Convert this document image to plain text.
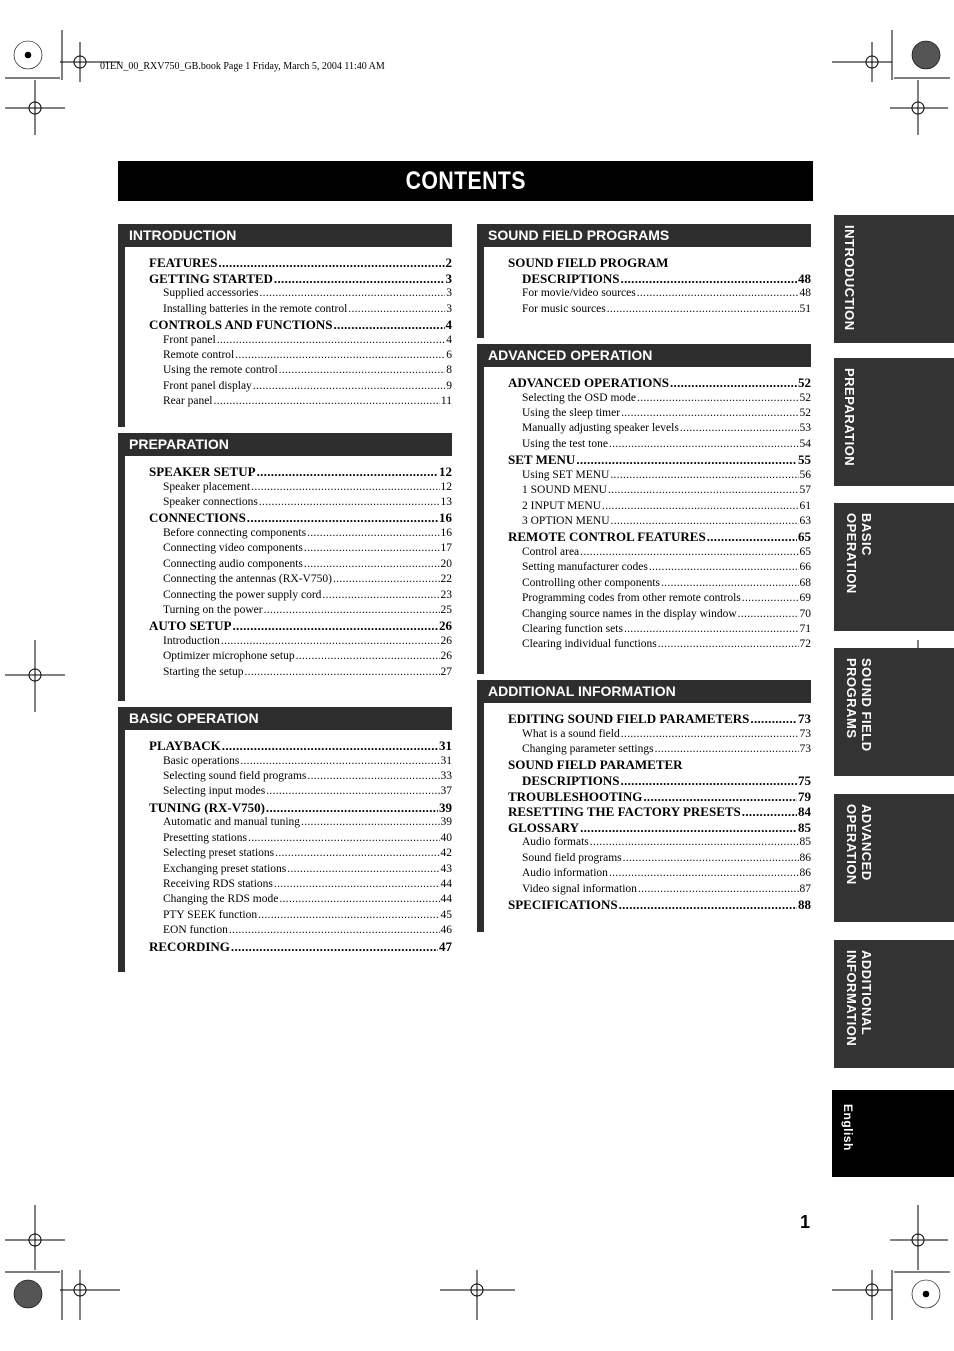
01EN_00_RXV750_GB.book Page 1 Friday, March 5, 2004 11:40 AM
CONTENTS
INTRODUCTION
FEATURES .....	2
GETTING STARTED .....	3
Supplied accessories .....	3
Installing batteries in the remote control .....	3
CONTROLS AND FUNCTIONS .....	4
Front panel .....	4
Remote control .....	6
Using the remote control .....	8
Front panel display .....	9
Rear panel .....	11
PREPARATION
SPEAKER SETUP .....	12
Speaker placement .....	12
Speaker connections .....	13
CONNECTIONS .....	16
Before connecting components .....	16
Connecting video components .....	17
Connecting audio components .....	20
Connecting the antennas (RX-V750) .....	22
Connecting the power supply cord .....	23
Turning on the power .....	25
AUTO SETUP .....	26
Introduction .....	26
Optimizer microphone setup .....	26
Starting the setup .....	27
BASIC OPERATION
PLAYBACK .....	31
Basic operations .....	31
Selecting sound field programs .....	33
Selecting input modes .....	37
TUNING (RX-V750) .....	39
Automatic and manual tuning .....	39
Presetting stations .....	40
Selecting preset stations .....	42
Exchanging preset stations .....	43
Receiving RDS stations .....	44
Changing the RDS mode .....	44
PTY SEEK function .....	45
EON function .....	46
RECORDING .....	47
SOUND FIELD PROGRAMS
SOUND FIELD PROGRAM
DESCRIPTIONS .....	48
For movie/video sources .....	48
For music sources .....	51
ADVANCED OPERATION
ADVANCED OPERATIONS .....	52
Selecting the OSD mode .....	52
Using the sleep timer .....	52
Manually adjusting speaker levels .....	53
Using the test tone .....	54
SET MENU .....	55
Using SET MENU .....	56
1 SOUND MENU .....	57
2 INPUT MENU .....	61
3 OPTION MENU .....	63
REMOTE CONTROL FEATURES .....	65
Control area .....	65
Setting manufacturer codes .....	66
Controlling other components .....	68
Programming codes from other remote controls .....	69
Changing source names in the display window .....	70
Clearing function sets .....	71
Clearing individual functions .....	72
ADDITIONAL INFORMATION
EDITING SOUND FIELD PARAMETERS .....	73
What is a sound field .....	73
Changing parameter settings .....	73
SOUND FIELD PARAMETER
DESCRIPTIONS .....	75
TROUBLESHOOTING .....	79
RESETTING THE FACTORY PRESETS .....	84
GLOSSARY .....	85
Audio formats .....	85
Sound field programs .....	86
Audio information .....	86
Video signal information .....	87
SPECIFICATIONS .....	88
INTRODUCTION
PREPARATION
BASIC OPERATION
SOUND FIELD PROGRAMS
ADVANCED OPERATION
ADDITIONAL INFORMATION
English
1
